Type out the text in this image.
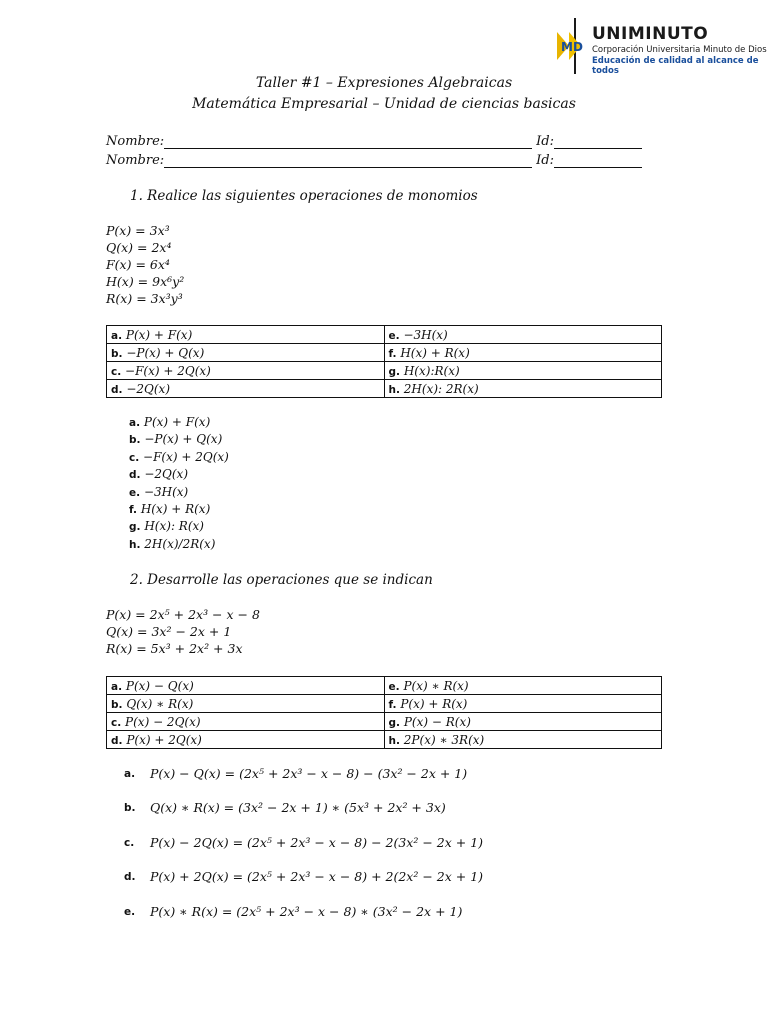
MD
UNIMINUTO
Corporación Universitaria Minuto de Dios
Educación de calidad al alcance de todos
Taller #1 – Expresiones Algebraicas
Matemática Empresarial – Unidad de ciencias basicas
Nombre:	Id:
Nombre:	Id:
1. Realice las siguientes operaciones de monomios
P(x) = 3x³
Q(x) = 2x⁴
F(x) = 6x⁴
H(x) = 9x⁶y²
R(x) = 3x³y³
a. P(x) + F(x)	e. −3H(x)
b. −P(x) + Q(x)	f. H(x) + R(x)
c. −F(x) + 2Q(x)	g. H(x):R(x)
d. −2Q(x)	h. 2H(x): 2R(x)
a. P(x) + F(x)
b. −P(x) + Q(x)
c. −F(x) + 2Q(x)
d. −2Q(x)
e. −3H(x)
f. H(x) + R(x)
g. H(x): R(x)
h. 2H(x)/2R(x)
2. Desarrolle las operaciones que se indican
P(x) = 2x⁵ + 2x³ − x − 8
Q(x) = 3x² − 2x + 1
R(x) = 5x³ + 2x² + 3x
a. P(x) − Q(x)	e. P(x) ∗ R(x)
b. Q(x) ∗ R(x)	f. P(x) + R(x)
c. P(x) − 2Q(x)	g. P(x) − R(x)
d. P(x) + 2Q(x)	h. 2P(x) ∗ 3R(x)
a. P(x) − Q(x) = (2x⁵ + 2x³ − x − 8) − (3x² − 2x + 1)
b. Q(x) ∗ R(x) = (3x² − 2x + 1) ∗ (5x³ + 2x² + 3x)
c. P(x) − 2Q(x) = (2x⁵ + 2x³ − x − 8) − 2(3x² − 2x + 1)
d. P(x) + 2Q(x) = (2x⁵ + 2x³ − x − 8) + 2(2x² − 2x + 1)
e. P(x) ∗ R(x) = (2x⁵ + 2x³ − x − 8) ∗ (3x² − 2x + 1)
